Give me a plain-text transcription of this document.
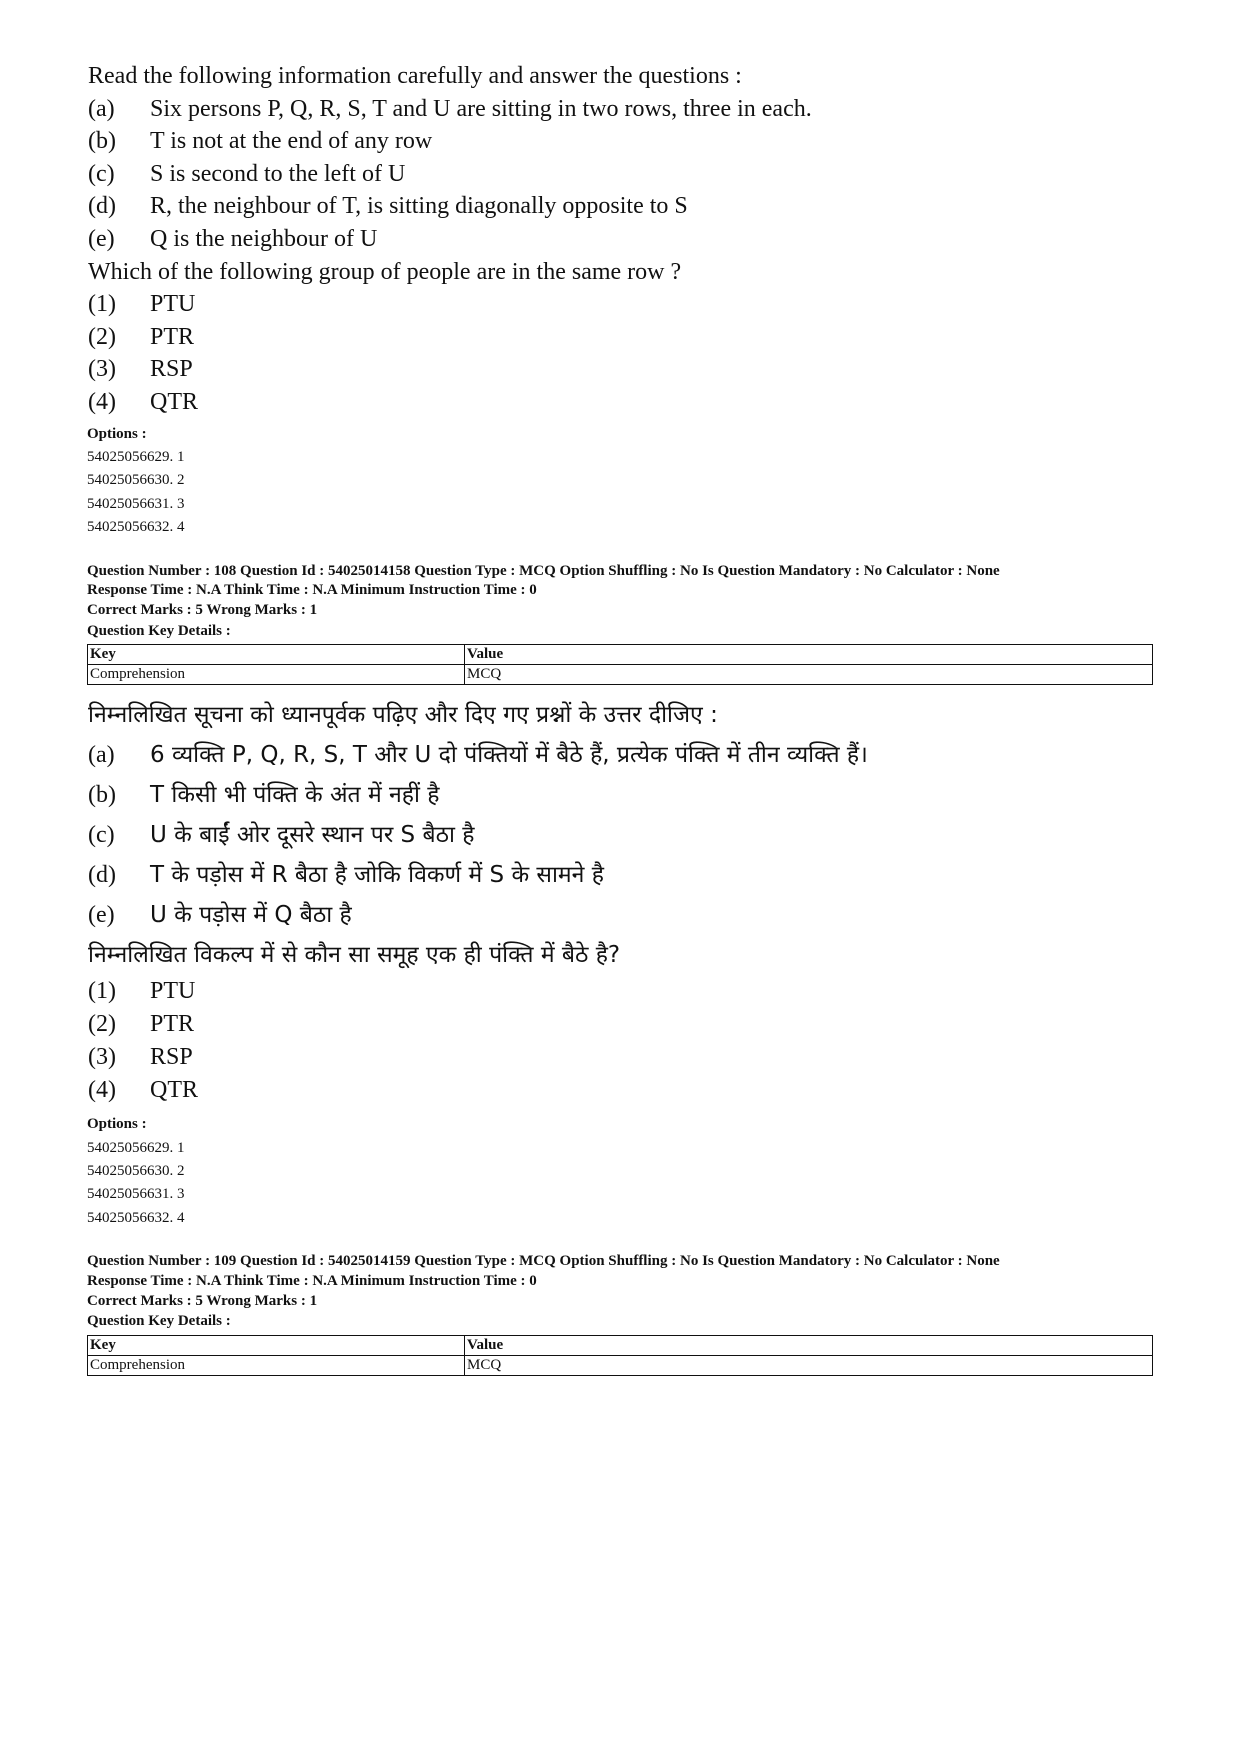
Read the following information carefully and answer the questions :
(a)	Six persons P, Q, R, S, T and U are sitting in two rows, three in each.
(b)	T is not at the end of any row
(c)	S is second to the left of U
(d)	R, the neighbour of T, is sitting diagonally opposite to S
(e)	Q is the neighbour of U
Which of the following group of people are in the same row ?
(1)	PTU
(2)	PTR
(3)	RSP
(4)	QTR
Options :
54025056629. 1
54025056630. 2
54025056631. 3
54025056632. 4
Question Number : 108 Question Id : 54025014158 Question Type : MCQ Option Shuffling : No Is Question Mandatory : No Calculator : None
Response Time : N.A Think Time : N.A Minimum Instruction Time : 0
Correct Marks : 5 Wrong Marks : 1
Question Key Details :
Key	Value
Comprehension	MCQ
निम्नलिखित सूचना को ध्यानपूर्वक पढ़िए और दिए गए प्रश्नों के उत्तर दीजिए :
(a)	6 व्यक्ति P, Q, R, S, T और U दो पंक्तियों में बैठे हैं, प्रत्येक पंक्ति में तीन व्यक्ति हैं।
(b)	T किसी भी पंक्ति के अंत में नहीं है
(c)	U के बाईं ओर दूसरे स्थान पर S बैठा है
(d)	T के पड़ोस में R बैठा है जोकि विकर्ण में S के सामने है
(e)	U के पड़ोस में Q बैठा है
निम्नलिखित विकल्प में से कौन सा समूह एक ही पंक्ति में बैठे है?
(1)	PTU
(2)	PTR
(3)	RSP
(4)	QTR
Options :
54025056629. 1
54025056630. 2
54025056631. 3
54025056632. 4
Question Number : 109 Question Id : 54025014159 Question Type : MCQ Option Shuffling : No Is Question Mandatory : No Calculator : None
Response Time : N.A Think Time : N.A Minimum Instruction Time : 0
Correct Marks : 5 Wrong Marks : 1
Question Key Details :
Key	Value
Comprehension	MCQ
